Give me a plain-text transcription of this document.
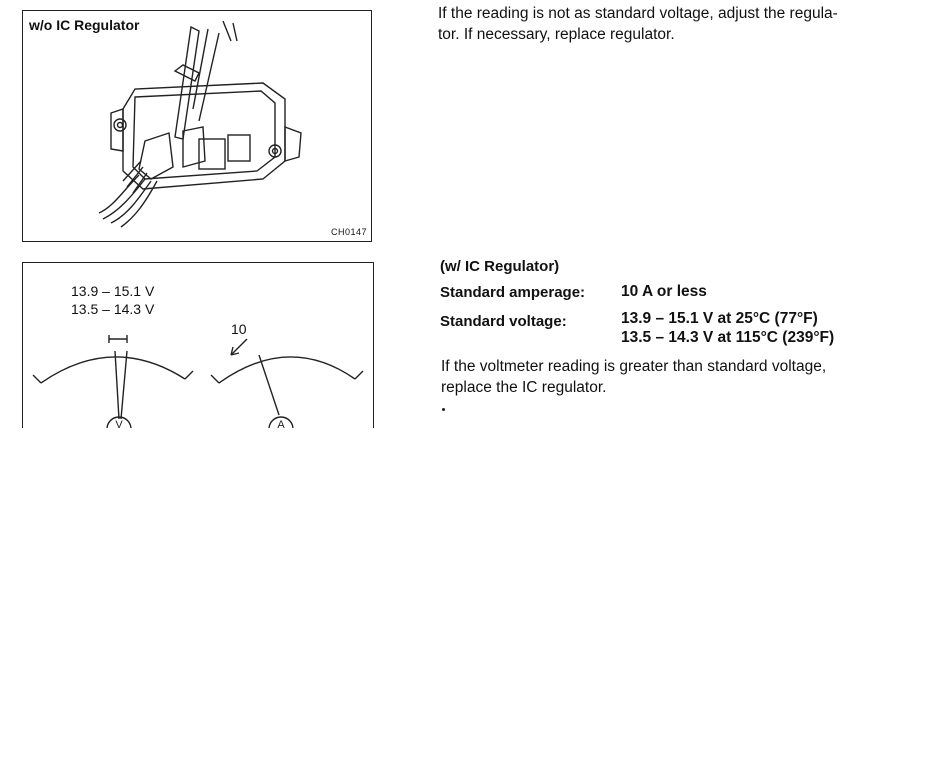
w/o IC Regulator
CH0147
V	A
13.9 – 15.1 V
13.5 – 14.3 V
10
If the reading is not as standard voltage, adjust the regula-
tor. If necessary, replace regulator.
(w/ IC Regulator)
Standard amperage: 10 A or less
Standard voltage:	13.9 – 15.1 V at 25°C (77°F)
13.5 – 14.3 V at 115°C (239°F)
If the voltmeter reading is greater than standard voltage,
replace the IC regulator.
